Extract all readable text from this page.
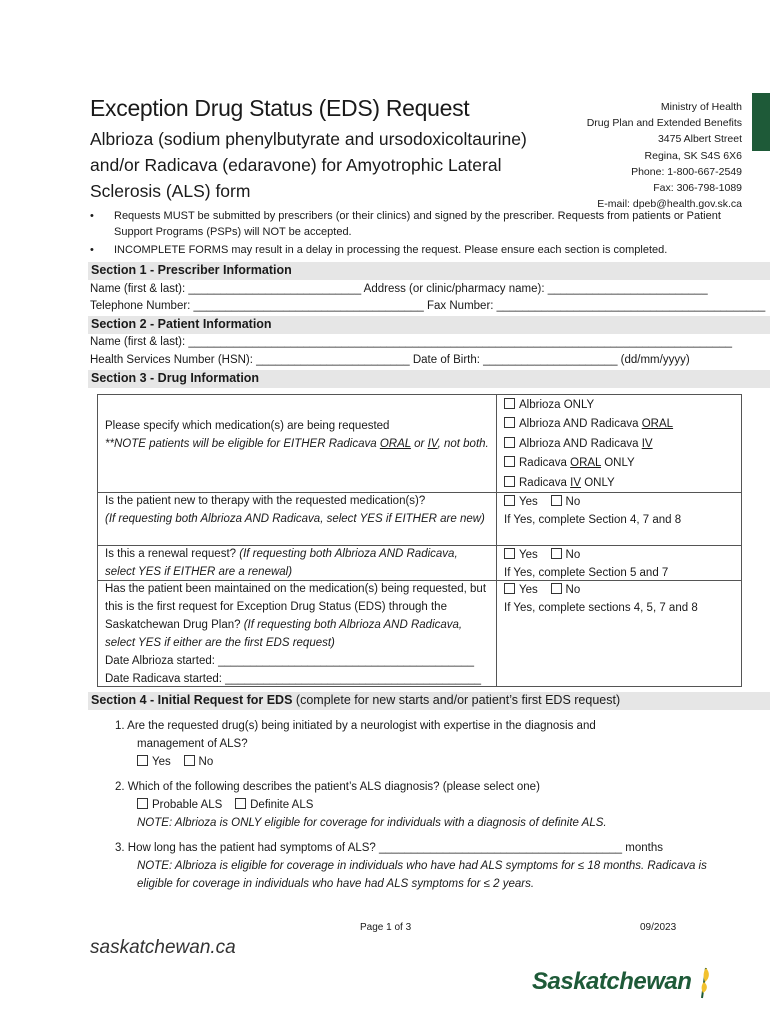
Exception Drug Status (EDS) Request
Albrioza (sodium phenylbutyrate and ursodoxicoltaurine) and/or Radicava (edaravone) for Amyotrophic Lateral Sclerosis (ALS) form
Ministry of Health
Drug Plan and Extended Benefits
3475 Albert Street
Regina, SK S4S 6X6
Phone: 1-800-667-2549
Fax: 306-798-1089
E-mail: dpeb@health.gov.sk.ca
• Requests MUST be submitted by prescribers (or their clinics) and signed by the prescriber. Requests from patients or Patient Support Programs (PSPs) will NOT be accepted.
• INCOMPLETE FORMS may result in a delay in processing the request. Please ensure each section is completed.
Section 1 - Prescriber Information
Name (first & last): ___________________________ Address (or clinic/pharmacy name): _________________________
Telephone Number: ____________________________________ Fax Number: __________________________________________
Section 2 - Patient Information
Name (first & last): _____________________________________________________________________________________
Health Services Number (HSN): ________________________ Date of Birth: _____________________ (dd/mm/yyyy)
Section 3 - Drug Information
Please specify which medication(s) are being requested
**NOTE patients will be eligible for EITHER Radicava ORAL or IV, not both.
Albrioza ONLY
Albrioza AND Radicava ORAL
Albrioza AND Radicava IV
Radicava ORAL ONLY
Radicava IV ONLY
Is the patient new to therapy with the requested medication(s)?
(If requesting both Albrioza AND Radicava, select YES if EITHER are new)
Yes No
If Yes, complete Section 4, 7 and 8
Is this a renewal request? (If requesting both Albrioza AND Radicava, select YES if EITHER are a renewal)
Yes No
If Yes, complete Section 5 and 7
Has the patient been maintained on the medication(s) being requested, but this is the first request for Exception Drug Status (EDS) through the Saskatchewan Drug Plan? (If requesting both Albrioza AND Radicava, select YES if either are the first EDS request)
Date Albrioza started: ________________________________________
Date Radicava started: ________________________________________
Yes No
If Yes, complete sections 4, 5, 7 and 8
Section 4 - Initial Request for EDS (complete for new starts and/or patient’s first EDS request)
1. Are the requested drug(s) being initiated by a neurologist with expertise in the diagnosis and
management of ALS?
Yes No
2. Which of the following describes the patient’s ALS diagnosis? (please select one)
Probable ALS Definite ALS
NOTE: Albrioza is ONLY eligible for coverage for individuals with a diagnosis of definite ALS.
3. How long has the patient had symptoms of ALS? ______________________________________ months
NOTE: Albrioza is eligible for coverage in individuals who have had ALS symptoms for ≤ 18 months. Radicava is eligible for coverage in individuals who have had ALS symptoms for ≤ 2 years.
Page 1 of 3	09/2023
saskatchewan.ca
Saskatchewan
